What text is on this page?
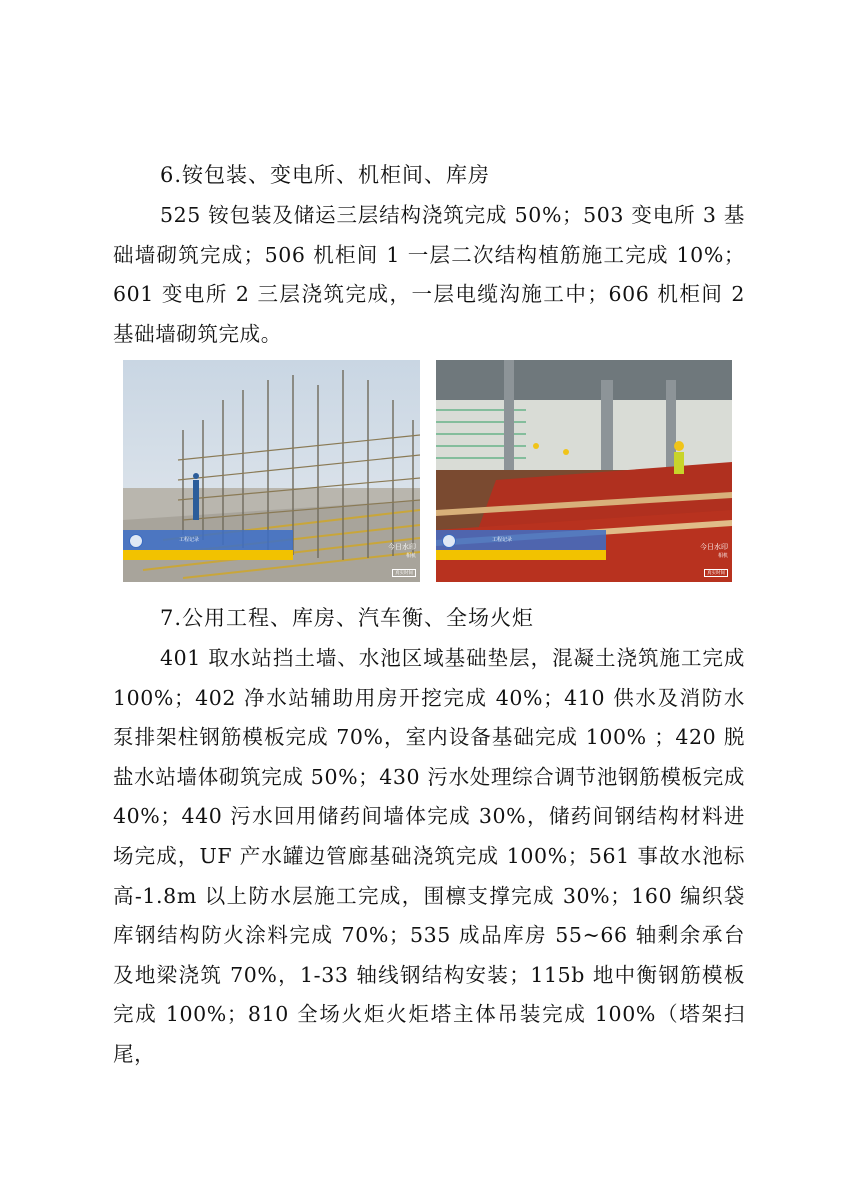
6.铵包装、变电所、机柜间、库房

525 铵包装及储运三层结构浇筑完成 50%；503 变电所 3 基础墙砌筑完成；506 机柜间 1 一层二次结构植筋施工完成 10%；601 变电所 2 三层浇筑完成，一层电缆沟施工中；606 机柜间 2 基础墙砌筑完成。

工程记录
今日水印
相机
真实时间
工程记录
今日水印
相机
真实时间
7.公用工程、库房、汽车衡、全场火炬

401 取水站挡土墙、水池区域基础垫层，混凝土浇筑施工完成 100%；402 净水站辅助用房开挖完成 40%；410 供水及消防水泵排架柱钢筋模板完成 70%，室内设备基础完成 100% ；420 脱盐水站墙体砌筑完成 50%；430 污水处理综合调节池钢筋模板完成 40%；440 污水回用储药间墙体完成 30%，储药间钢结构材料进场完成，UF 产水罐边管廊基础浇筑完成 100%；561 事故水池标高-1.8m 以上防水层施工完成，围檩支撑完成 30%；160 编织袋库钢结构防火涂料完成 70%；535 成品库房 55~66 轴剩余承台及地梁浇筑 70%，1-33 轴线钢结构安装；115b 地中衡钢筋模板完成 100%；810 全场火炬火炬塔主体吊装完成 100%（塔架扫尾，
